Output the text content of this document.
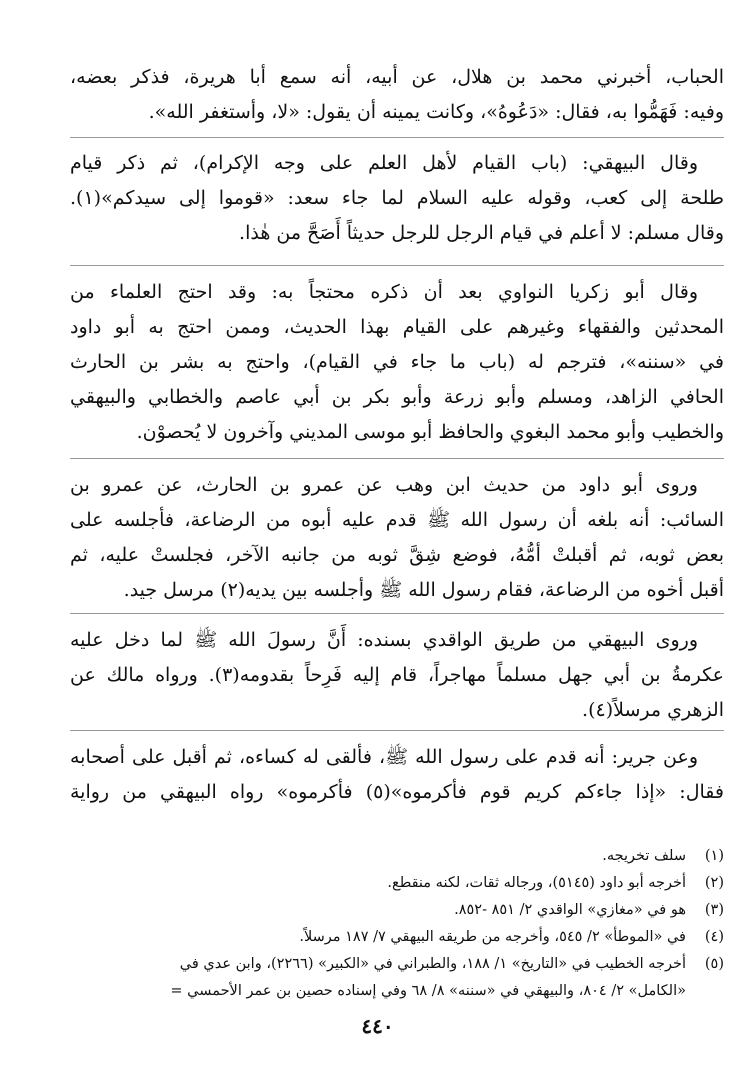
الحباب، أخبرني محمد بن هلال، عن أبيه، أنه سمع أبا هريرة، فذكر بعضه،
وفيه: فَهَمُّوا به، فقال: «دَعُوهُ»، وكانت يمينه أن يقول: «لا، وأستغفر الله».
وقال البيهقي: (باب القيام لأهل العلم على وجه الإكرام)، ثم ذكر قيام
طلحة إلى كعب، وقوله عليه السلام لما جاء سعد: «قوموا إلى سيدكم»(١).
وقال مسلم: لا أعلم في قيام الرجل للرجل حديثاً أَصَحَّ من هٰذا.
وقال أبو زكريا النواوي بعد أن ذكره محتجاً به: وقد احتج العلماء من
المحدثين والفقهاء وغيرهم على القيام بهذا الحديث، وممن احتج به أبو داود
في «سننه»، فترجم له (باب ما جاء في القيام)، واحتج به بشر بن الحارث
الحافي الزاهد، ومسلم وأبو زرعة وأبو بكر بن أبي عاصم والخطابي والبيهقي
والخطيب وأبو محمد البغوي والحافظ أبو موسى المديني وآخرون لا يُحصوْن.
وروى أبو داود من حديث ابن وهب عن عمرو بن الحارث، عن عمرو بن
السائب: أنه بلغه أن رسول الله ﷺ قدم عليه أبوه من الرضاعة، فأجلسه على
بعض ثوبه، ثم أقبلتْ أمُّهُ، فوضع شِقَّ ثوبه من جانبه الآخر، فجلستْ عليه، ثم
أقبل أخوه من الرضاعة، فقام رسول الله ﷺ وأجلسه بين يديه(٢) مرسل جيد.
وروى البيهقي من طريق الواقدي بسنده: أَنَّ رسولَ الله ﷺ لما دخل عليه
عكرمةُ بن أبي جهل مسلماً مهاجراً، قام إليه فَرِحاً بقدومه(٣). ورواه مالك عن
الزهري مرسلاً(٤).
وعن جرير: أنه قدم على رسول الله ﷺ، فألقى له كساءه، ثم أقبل على أصحابه
فقال: «إذا جاءكم كريم قوم فأكرموه»(٥) فأكرموه» رواه البيهقي من رواية
(١)
سلف تخريجه.
(٢)
أخرجه أبو داود (٥١٤٥)، ورجاله ثقات، لكنه منقطع.
(٣)
هو في «مغازي» الواقدي ٢/ ٨٥١ -٨٥٢.
(٤)
في «الموطأ» ٢/ ٥٤٥، وأخرجه من طريقه البيهقي ٧/ ١٨٧ مرسلاً.
(٥)
أخرجه الخطيب في «التاريخ» ١/ ١٨٨، والطبراني في «الكبير» (٢٢٦٦)، وابن عدي في
«الكامل» ٢/ ٨٠٤، والبيهقي في «سننه» ٨/ ٦٨ وفي إسناده حصين بن عمر الأحمسي =
٤٤٠
